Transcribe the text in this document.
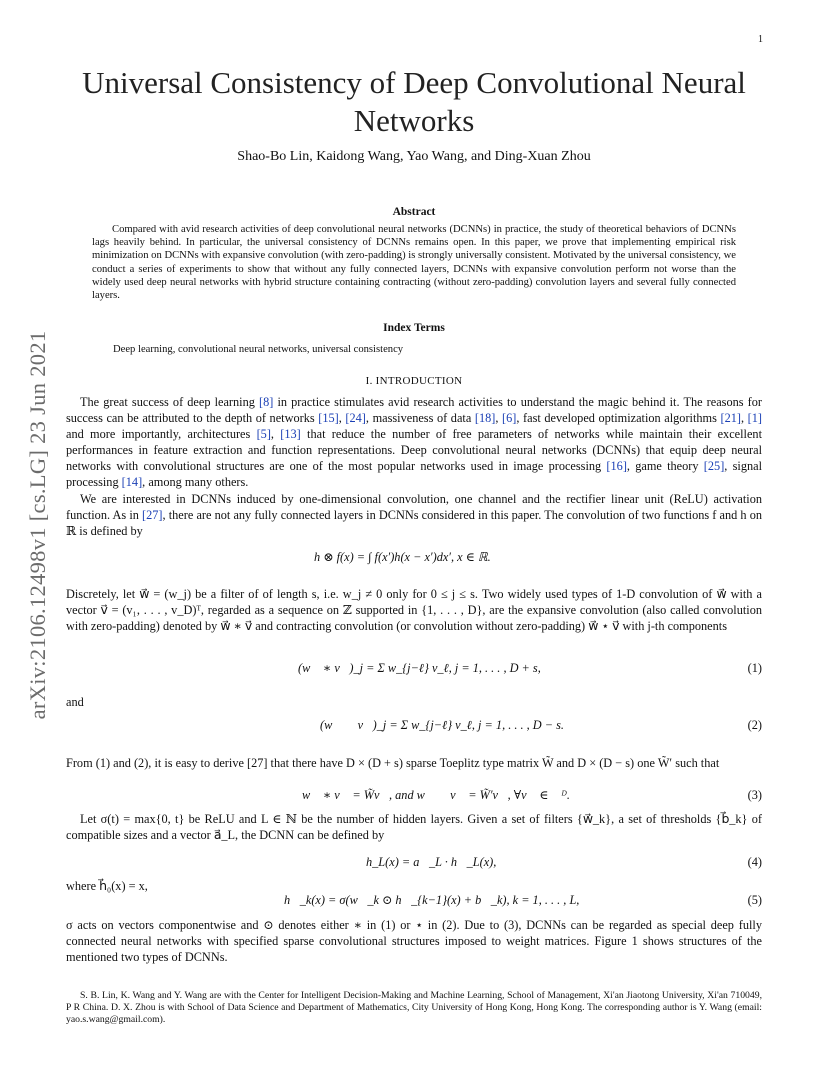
1
arXiv:2106.12498v1 [cs.LG] 23 Jun 2021
Universal Consistency of Deep Convolutional Neural Networks
Shao-Bo Lin, Kaidong Wang, Yao Wang, and Ding-Xuan Zhou
Abstract
Compared with avid research activities of deep convolutional neural networks (DCNNs) in practice, the study of theoretical behaviors of DCNNs lags heavily behind. In particular, the universal consistency of DCNNs remains open. In this paper, we prove that implementing empirical risk minimization on DCNNs with expansive convolution (with zero-padding) is strongly universally consistent. Motivated by the universal consistency, we conduct a series of experiments to show that without any fully connected layers, DCNNs with expansive convolution perform not worse than the widely used deep neural networks with hybrid structure containing contracting (without zero-padding) convolution layers and several fully connected layers.
Index Terms
Deep learning, convolutional neural networks, universal consistency
I. INTRODUCTION
The great success of deep learning [8] in practice stimulates avid research activities to understand the magic behind it. The reasons for success can be attributed to the depth of networks [15], [24], massiveness of data [18], [6], fast developed optimization algorithms [21], [1] and more importantly, architectures [5], [13] that reduce the number of free parameters of networks while maintain their excellent performances in feature extraction and function representations. Deep convolutional neural networks (DCNNs) that equip deep neural networks with convolutional structures are one of the most popular networks used in image processing [16], game theory [25], signal processing [14], among many others.
We are interested in DCNNs induced by one-dimensional convolution, one channel and the rectifier linear unit (ReLU) activation function. As in [27], there are not any fully connected layers in DCNNs considered in this paper. The convolution of two functions f and h on ℝ is defined by
h ⊗ f(x) = ∫ f(x′)h(x − x′)dx′, x ∈ ℝ.
Discretely, let w⃗ = (w_j) be a filter of of length s, i.e. w_j ≠ 0 only for 0 ≤ j ≤ s. Two widely used types of 1-D convolution of w⃗ with a vector v⃗ = (v₁, . . . , v_D)ᵀ, regarded as a sequence on ℤ supported in {1, . . . , D}, are the expansive convolution (also called convolution with zero-padding) denoted by w⃗ ∗ v⃗ and contracting convolution (or convolution without zero-padding) w⃗ ⋆ v⃗ with j-th components
(w⃗ ∗ v⃗)_j = Σ w_{j−ℓ} v_ℓ, j = 1, . . . , D + s,	(1)
and
(w⃗ ⋆ v⃗)_j = Σ w_{j−ℓ} v_ℓ, j = 1, . . . , D − s.	(2)
From (1) and (2), it is easy to derive [27] that there have D × (D + s) sparse Toeplitz type matrix W̃ and D × (D − s) one W̃′ such that
w⃗ ∗ v⃗ = W̃v⃗, and w⃗ ⋆ v⃗ = W̃′v⃗, ∀v⃗ ∈ ℝᴰ.	(3)
Let σ(t) = max{0, t} be ReLU and L ∈ ℕ be the number of hidden layers. Given a set of filters {w⃗_k}, a set of thresholds {b⃗_k} of compatible sizes and a vector a⃗_L, the DCNN can be defined by
h_L(x) = a⃗_L · h⃗_L(x),	(4)
where h⃗₀(x) = x,
h⃗_k(x) = σ(w⃗_k ⊙ h⃗_{k−1}(x) + b⃗_k), k = 1, . . . , L,	(5)
σ acts on vectors componentwise and ⊙ denotes either ∗ in (1) or ⋆ in (2). Due to (3), DCNNs can be regarded as special deep fully connected neural networks with specified sparse convolutional structures imposed to weight matrices. Figure 1 shows structures of the mentioned two types of DCNNs.
S. B. Lin, K. Wang and Y. Wang are with the Center for Intelligent Decision-Making and Machine Learning, School of Management, Xi'an Jiaotong University, Xi'an 710049, P R China. D. X. Zhou is with School of Data Science and Department of Mathematics, City University of Hong Kong, Hong Kong. The corresponding author is Y. Wang (email: yao.s.wang@gmail.com).
